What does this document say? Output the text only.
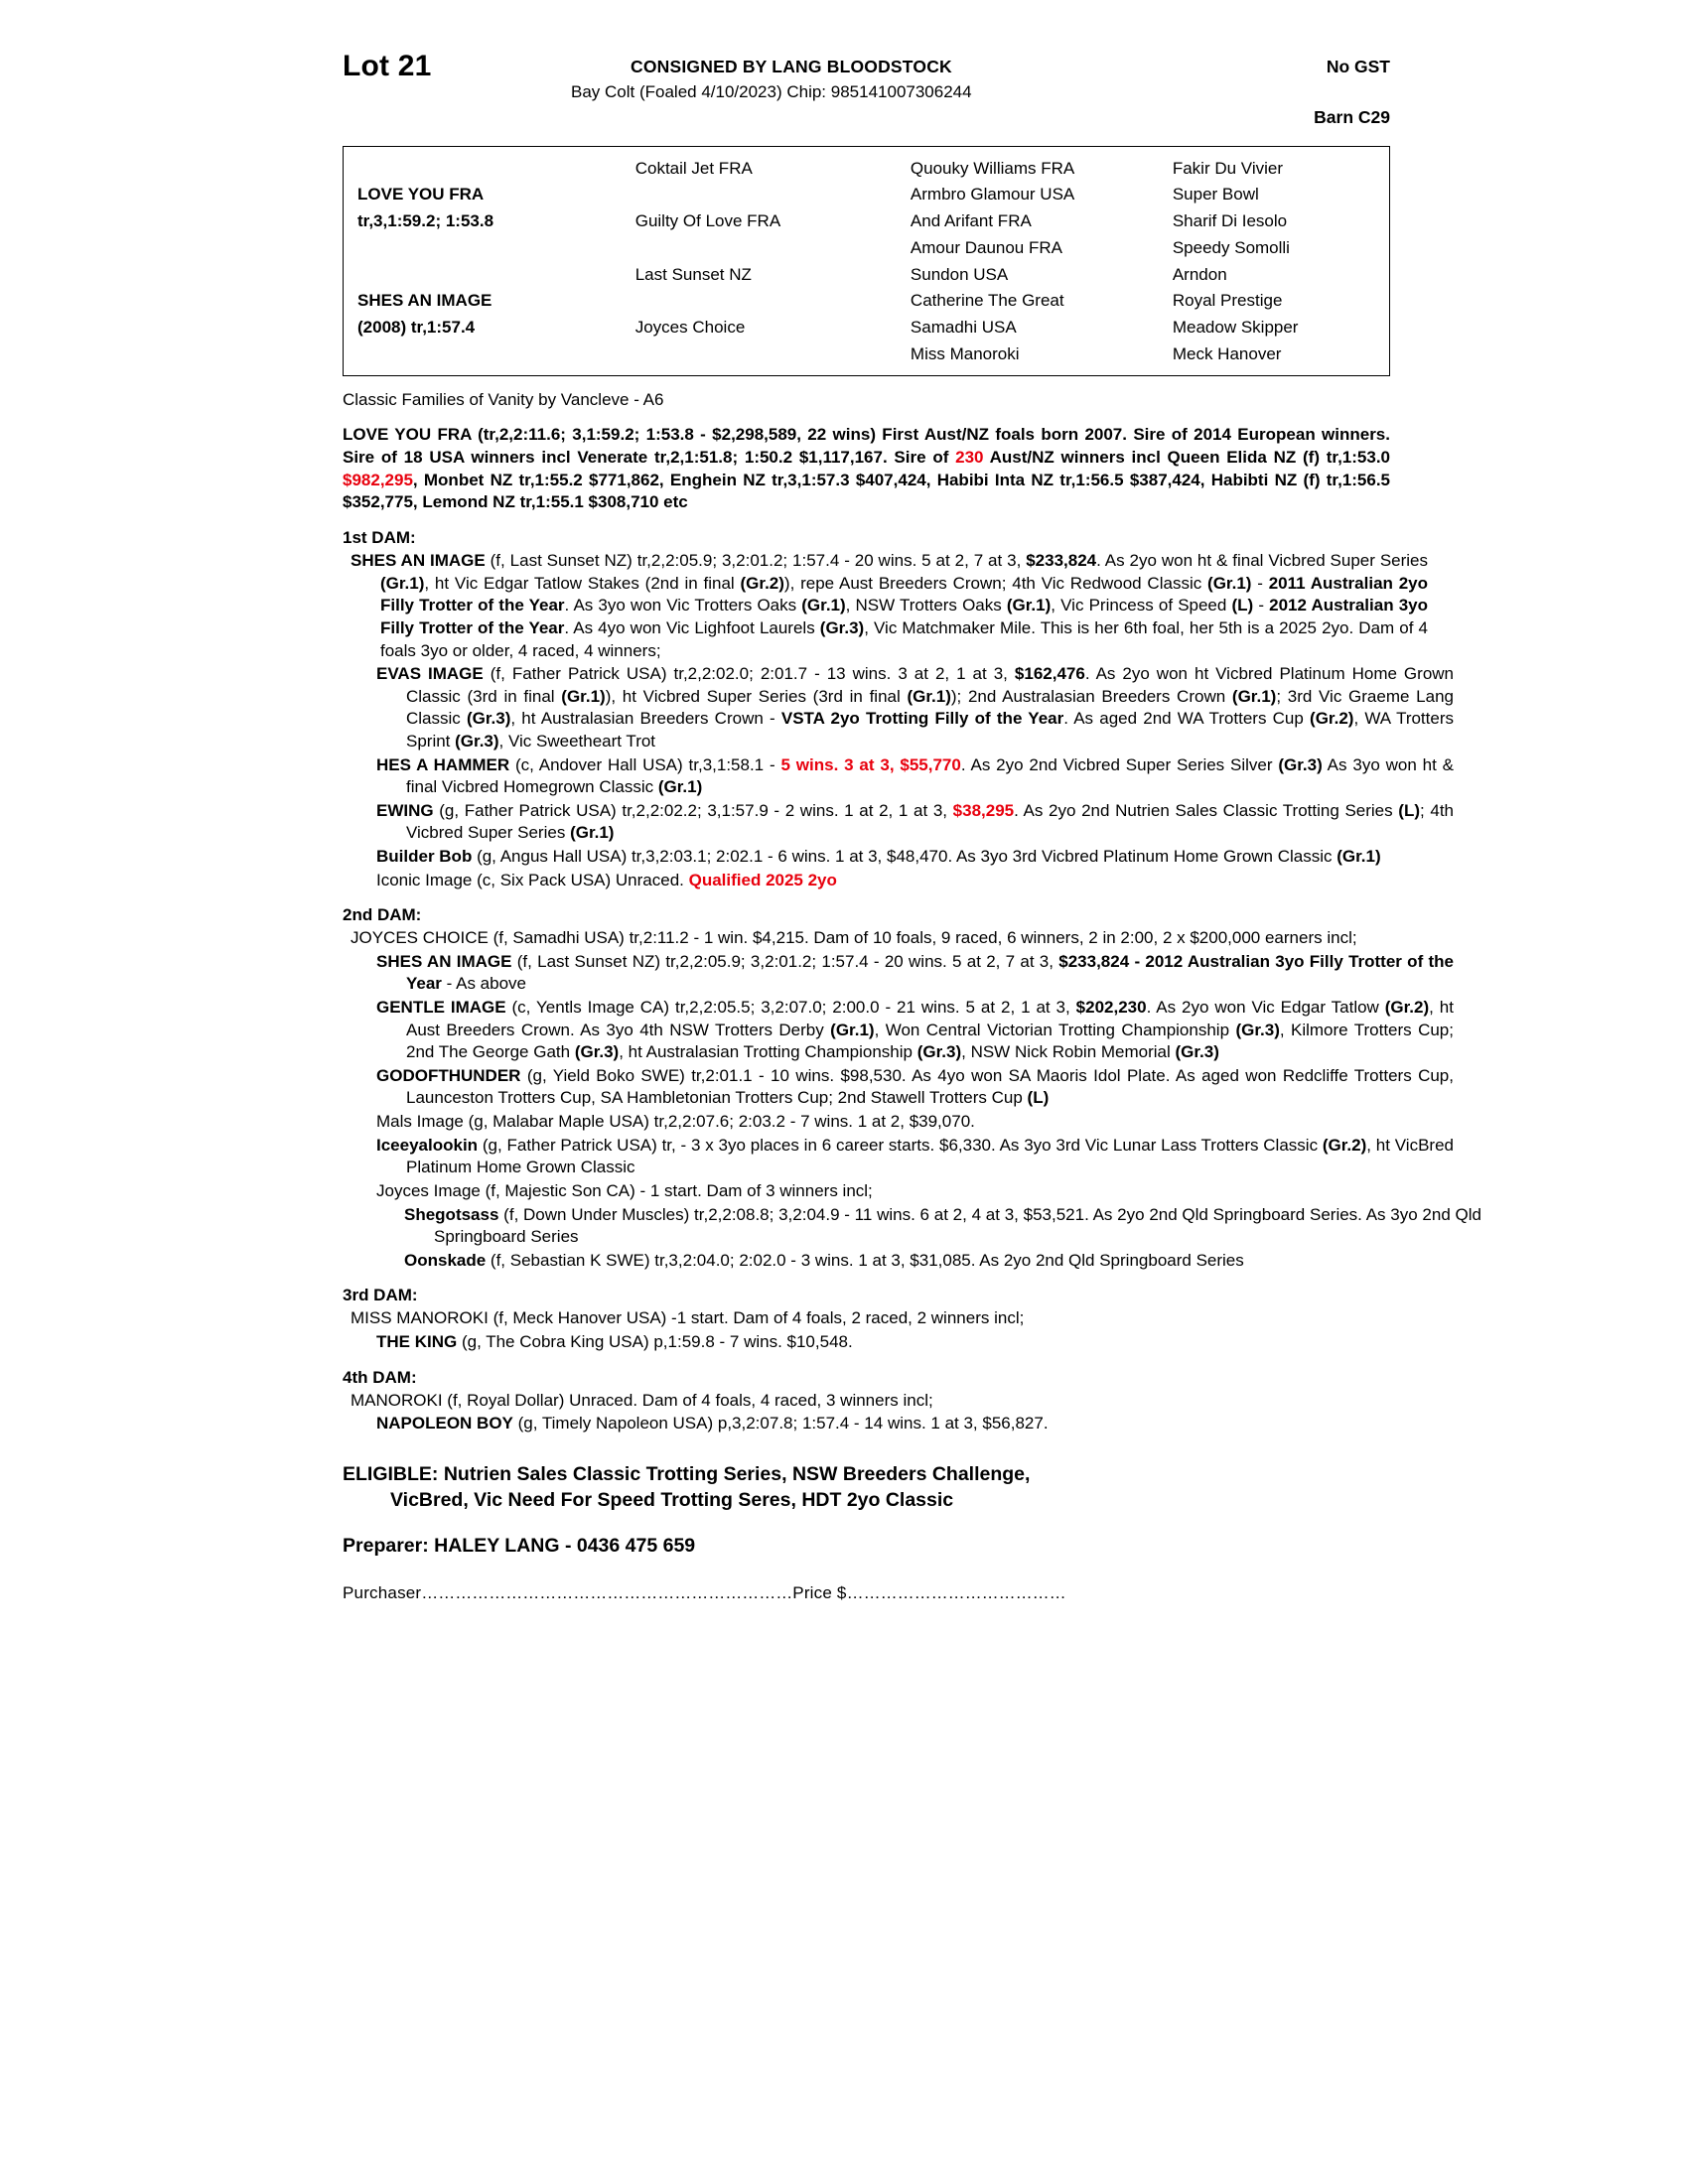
Lot 21	CONSIGNED BY LANG BLOODSTOCK	No GST
Bay Colt (Foaled 4/10/2023) Chip: 985141007306244
Barn C29
	Coktail Jet FRA	Quouky Williams FRA	Fakir Du Vivier
LOVE YOU FRA		Armbro Glamour USA	Super Bowl
tr,3,1:59.2; 1:53.8	Guilty Of Love FRA	And Arifant FRA	Sharif Di Iesolo
		Amour Daunou FRA	Speedy Somolli
	Last Sunset NZ	Sundon USA	Arndon
SHES AN IMAGE		Catherine The Great	Royal Prestige
(2008) tr,1:57.4	Joyces Choice	Samadhi USA	Meadow Skipper
		Miss Manoroki	Meck Hanover
Classic Families of Vanity by Vancleve - A6
LOVE YOU FRA (tr,2,2:11.6; 3,1:59.2; 1:53.8 - $2,298,589, 22 wins) First Aust/NZ foals born 2007. Sire of 2014 European winners. Sire of 18 USA winners incl Venerate tr,2,1:51.8; 1:50.2 $1,117,167. Sire of 230 Aust/NZ winners incl Queen Elida NZ (f) tr,1:53.0 $982,295, Monbet NZ tr,1:55.2 $771,862, Enghein NZ tr,3,1:57.3 $407,424, Habibi Inta NZ tr,1:56.5 $387,424, Habibti NZ (f) tr,1:56.5 $352,775, Lemond NZ tr,1:55.1 $308,710 etc
1st DAM:
SHES AN IMAGE (f, Last Sunset NZ) tr,2,2:05.9; 3,2:01.2; 1:57.4 - 20 wins. 5 at 2, 7 at 3, $233,824. As 2yo won ht & final Vicbred Super Series (Gr.1), ht Vic Edgar Tatlow Stakes (2nd in final (Gr.2)), repe Aust Breeders Crown; 4th Vic Redwood Classic (Gr.1) - 2011 Australian 2yo Filly Trotter of the Year. As 3yo won Vic Trotters Oaks (Gr.1), NSW Trotters Oaks (Gr.1), Vic Princess of Speed (L) - 2012 Australian 3yo Filly Trotter of the Year. As 4yo won Vic Lighfoot Laurels (Gr.3), Vic Matchmaker Mile. This is her 6th foal, her 5th is a 2025 2yo. Dam of 4 foals 3yo or older, 4 raced, 4 winners;
EVAS IMAGE (f, Father Patrick USA) tr,2,2:02.0; 2:01.7 - 13 wins. 3 at 2, 1 at 3, $162,476. As 2yo won ht Vicbred Platinum Home Grown Classic (3rd in final (Gr.1)), ht Vicbred Super Series (3rd in final (Gr.1)); 2nd Australasian Breeders Crown (Gr.1); 3rd Vic Graeme Lang Classic (Gr.3), ht Australasian Breeders Crown - VSTA 2yo Trotting Filly of the Year. As aged 2nd WA Trotters Cup (Gr.2), WA Trotters Sprint (Gr.3), Vic Sweetheart Trot
HES A HAMMER (c, Andover Hall USA) tr,3,1:58.1 - 5 wins. 3 at 3, $55,770. As 2yo 2nd Vicbred Super Series Silver (Gr.3) As 3yo won ht & final Vicbred Homegrown Classic (Gr.1)
EWING (g, Father Patrick USA) tr,2,2:02.2; 3,1:57.9 - 2 wins. 1 at 2, 1 at 3, $38,295. As 2yo 2nd Nutrien Sales Classic Trotting Series (L); 4th Vicbred Super Series (Gr.1)
Builder Bob (g, Angus Hall USA) tr,3,2:03.1; 2:02.1 - 6 wins. 1 at 3, $48,470. As 3yo 3rd Vicbred Platinum Home Grown Classic (Gr.1)
Iconic Image (c, Six Pack USA) Unraced. Qualified 2025 2yo
2nd DAM:
JOYCES CHOICE (f, Samadhi USA) tr,2:11.2 - 1 win. $4,215. Dam of 10 foals, 9 raced, 6 winners, 2 in 2:00, 2 x $200,000 earners incl;
SHES AN IMAGE (f, Last Sunset NZ) tr,2,2:05.9; 3,2:01.2; 1:57.4 - 20 wins. 5 at 2, 7 at 3, $233,824 - 2012 Australian 3yo Filly Trotter of the Year - As above
GENTLE IMAGE (c, Yentls Image CA) tr,2,2:05.5; 3,2:07.0; 2:00.0 - 21 wins. 5 at 2, 1 at 3, $202,230. As 2yo won Vic Edgar Tatlow (Gr.2), ht Aust Breeders Crown. As 3yo 4th NSW Trotters Derby (Gr.1), Won Central Victorian Trotting Championship (Gr.3), Kilmore Trotters Cup; 2nd The George Gath (Gr.3), ht Australasian Trotting Championship (Gr.3), NSW Nick Robin Memorial (Gr.3)
GODOFTHUNDER (g, Yield Boko SWE) tr,2:01.1 - 10 wins. $98,530. As 4yo won SA Maoris Idol Plate. As aged won Redcliffe Trotters Cup, Launceston Trotters Cup, SA Hambletonian Trotters Cup; 2nd Stawell Trotters Cup (L)
Mals Image (g, Malabar Maple USA) tr,2,2:07.6; 2:03.2 - 7 wins. 1 at 2, $39,070.
Iceeyalookin (g, Father Patrick USA) tr, - 3 x 3yo places in 6 career starts. $6,330. As 3yo 3rd Vic Lunar Lass Trotters Classic (Gr.2), ht VicBred Platinum Home Grown Classic
Joyces Image (f, Majestic Son CA) - 1 start. Dam of 3 winners incl;
Shegotsass (f, Down Under Muscles) tr,2,2:08.8; 3,2:04.9 - 11 wins. 6 at 2, 4 at 3, $53,521. As 2yo 2nd Qld Springboard Series. As 3yo 2nd Qld Springboard Series
Oonskade (f, Sebastian K SWE) tr,3,2:04.0; 2:02.0 - 3 wins. 1 at 3, $31,085. As 2yo 2nd Qld Springboard Series
3rd DAM:
MISS MANOROKI (f, Meck Hanover USA) -1 start. Dam of 4 foals, 2 raced, 2 winners incl;
THE KING (g, The Cobra King USA) p,1:59.8 - 7 wins. $10,548.
4th DAM:
MANOROKI (f, Royal Dollar) Unraced. Dam of 4 foals, 4 raced, 3 winners incl;
NAPOLEON BOY (g, Timely Napoleon USA) p,3,2:07.8; 1:57.4 - 14 wins. 1 at 3, $56,827.
ELIGIBLE: Nutrien Sales Classic Trotting Series, NSW Breeders Challenge,
VicBred, Vic Need For Speed Trotting Seres, HDT 2yo Classic
Preparer: HALEY LANG - 0436 475 659
Purchaser…………………………………………………………Price $…………………………………
